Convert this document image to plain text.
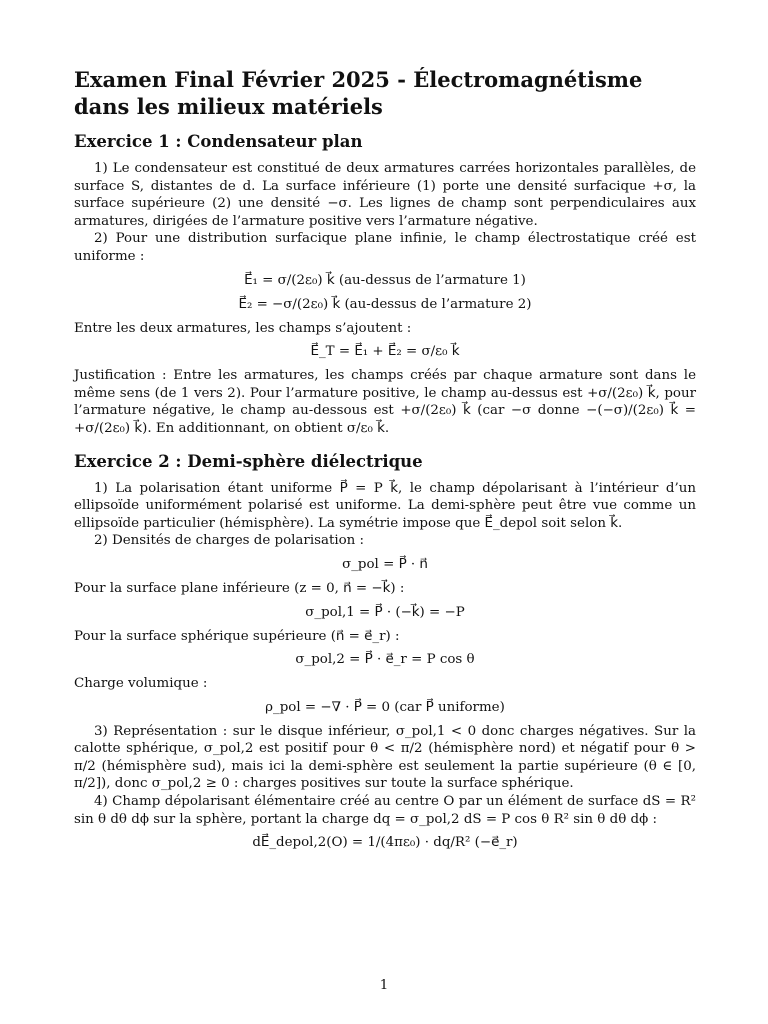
Examen Final Février 2025 - Électromagnétisme dans les milieux matériels
Exercice 1 : Condensateur plan

1) Le condensateur est constitué de deux armatures carrées horizontales parallèles, de surface S, distantes de d. La surface inférieure (1) porte une densité surfacique +σ, la surface supérieure (2) une densité −σ. Les lignes de champ sont perpendiculaires aux armatures, dirigées de l’armature positive vers l’armature négative.

2) Pour une distribution surfacique plane infinie, le champ électrostatique créé est uniforme :

E⃗₁ = σ/(2ε₀) k⃗ (au-dessus de l’armature 1)
E⃗₂ = −σ/(2ε₀) k⃗ (au-dessus de l’armature 2)

Entre les deux armatures, les champs s’ajoutent :

E⃗_T = E⃗₁ + E⃗₂ = σ/ε₀ k⃗

Justification : Entre les armatures, les champs créés par chaque armature sont dans le même sens (de 1 vers 2). Pour l’armature positive, le champ au-dessus est +σ/(2ε₀) k⃗, pour l’armature négative, le champ au-dessous est +σ/(2ε₀) k⃗ (car −σ donne −(−σ)/(2ε₀) k⃗ = +σ/(2ε₀) k⃗). En additionnant, on obtient σ/ε₀ k⃗.

Exercice 2 : Demi-sphère diélectrique

1) La polarisation étant uniforme P⃗ = P k⃗, le champ dépolarisant à l’intérieur d’un ellipsoïde uniformément polarisé est uniforme. La demi-sphère peut être vue comme un ellipsoïde particulier (hémisphère). La symétrie impose que E⃗_depol soit selon k⃗.

2) Densités de charges de polarisation :

σ_pol = P⃗ · n⃗

Pour la surface plane inférieure (z = 0, n⃗ = −k⃗) :

σ_pol,1 = P⃗ · (−k⃗) = −P

Pour la surface sphérique supérieure (n⃗ = e⃗_r) :

σ_pol,2 = P⃗ · e⃗_r = P cos θ

Charge volumique :

ρ_pol = −∇ · P⃗ = 0 (car P⃗ uniforme)

3) Représentation : sur le disque inférieur, σ_pol,1 < 0 donc charges négatives. Sur la calotte sphérique, σ_pol,2 est positif pour θ < π/2 (hémisphère nord) et négatif pour θ > π/2 (hémisphère sud), mais ici la demi-sphère est seulement la partie supérieure (θ ∈ [0, π/2]), donc σ_pol,2 ≥ 0 : charges positives sur toute la surface sphérique.

4) Champ dépolarisant élémentaire créé au centre O par un élément de surface dS = R² sin θ dθ dϕ sur la sphère, portant la charge dq = σ_pol,2 dS = P cos θ R² sin θ dθ dϕ :

dE⃗_depol,2(O) = 1/(4πε₀) · dq/R² (−e⃗_r)
1
